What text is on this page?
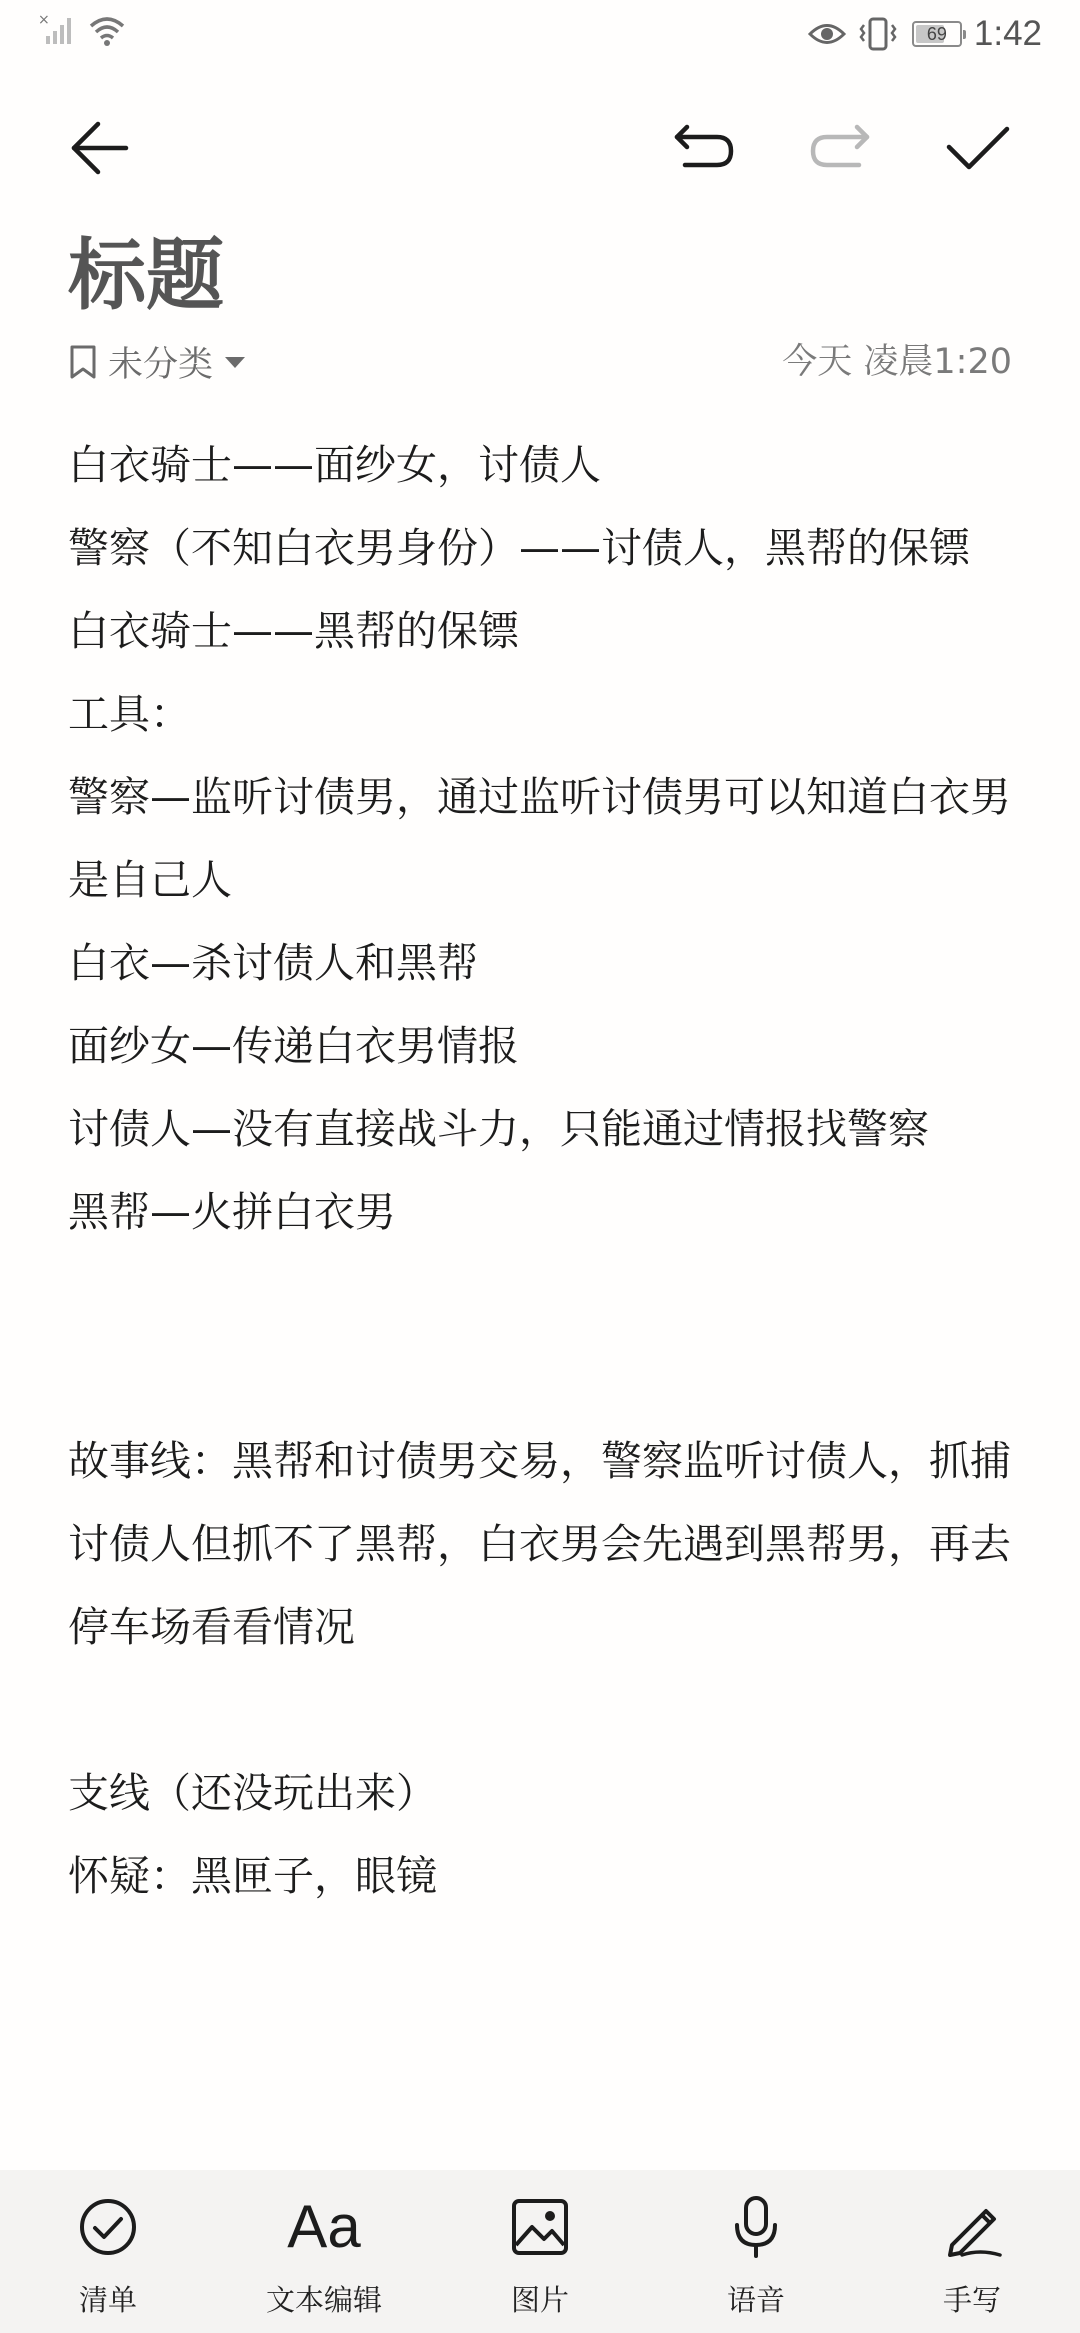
×

69 1:42
标题
未分类	今天 凌晨1:20

白衣骑士——面纱女，讨债人

警察（不知白衣男身份）——讨债人，黑帮的保镖

白衣骑士——黑帮的保镖

工具：

警察—监听讨债男，通过监听讨债男可以知道白衣男是自己人

白衣—杀讨债人和黑帮

面纱女—传递白衣男情报

讨债人—没有直接战斗力，只能通过情报找警察

黑帮—火拼白衣男

故事线：黑帮和讨债男交易，警察监听讨债人，抓捕讨债人但抓不了黑帮，白衣男会先遇到黑帮男，再去停车场看看情况

支线（还没玩出来）

怀疑：黑匣子，眼镜

清单
Aa
文本编辑	图片	语音	手写
